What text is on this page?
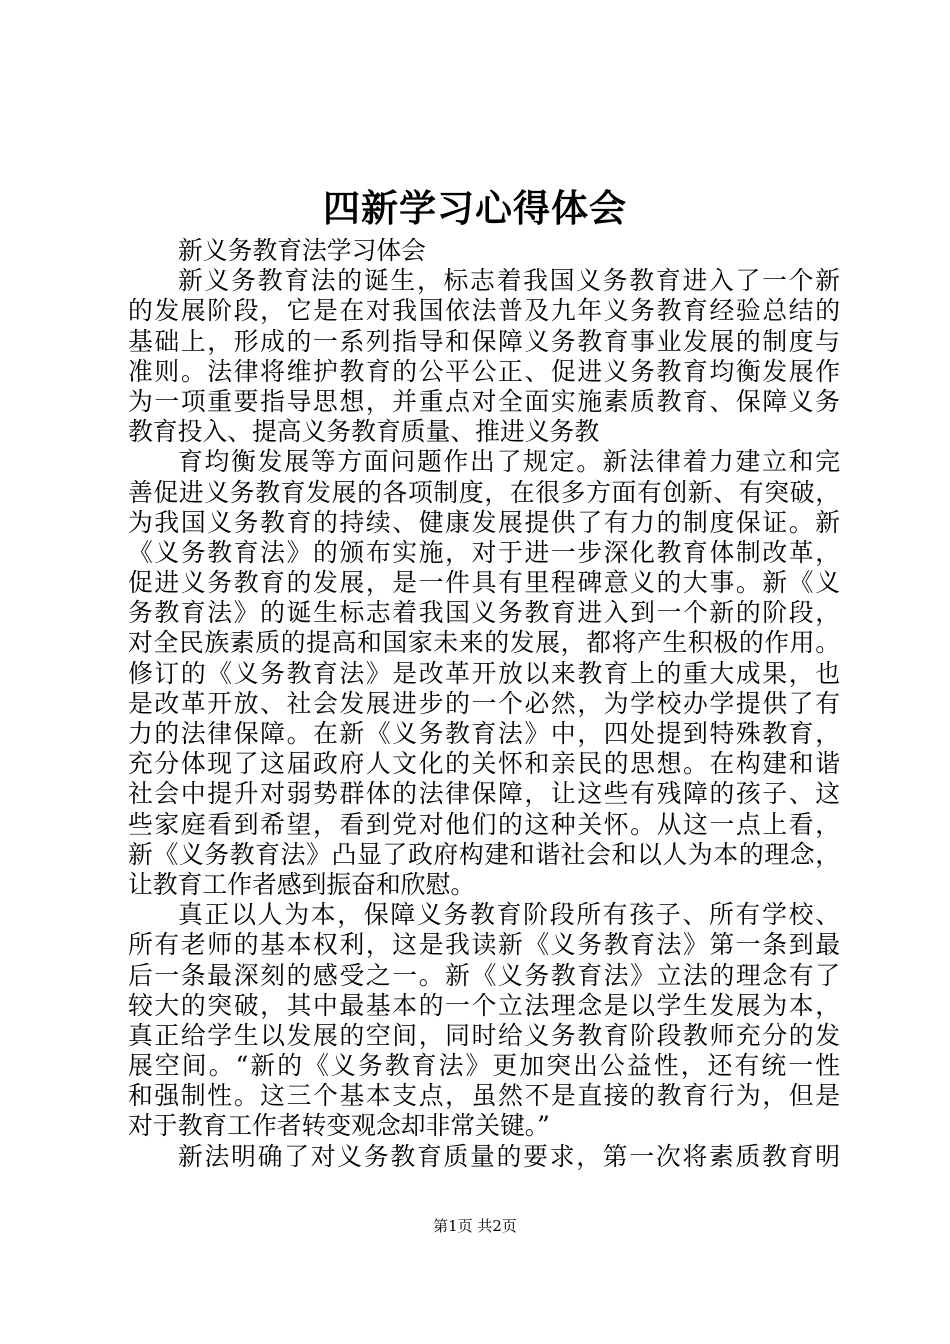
四新学习心得体会
新义务教育法学习体会
新义务教育法的诞生，标志着我国义务教育进入了一个新
的发展阶段，它是在对我国依法普及九年义务教育经验总结的
基础上，形成的一系列指导和保障义务教育事业发展的制度与
准则。法律将维护教育的公平公正、促进义务教育均衡发展作
为一项重要指导思想，并重点对全面实施素质教育、保障义务
教育投入、提高义务教育质量、推进义务教
育均衡发展等方面问题作出了规定。新法律着力建立和完
善促进义务教育发展的各项制度，在很多方面有创新、有突破，
为我国义务教育的持续、健康发展提供了有力的制度保证。新
《义务教育法》的颁布实施，对于进一步深化教育体制改革，
促进义务教育的发展，是一件具有里程碑意义的大事。新《义
务教育法》的诞生标志着我国义务教育进入到一个新的阶段，
对全民族素质的提高和国家未来的发展，都将产生积极的作用。
修订的《义务教育法》是改革开放以来教育上的重大成果，也
是改革开放、社会发展进步的一个必然，为学校办学提供了有
力的法律保障。在新《义务教育法》中，四处提到特殊教育，
充分体现了这届政府人文化的关怀和亲民的思想。在构建和谐
社会中提升对弱势群体的法律保障，让这些有残障的孩子、这
些家庭看到希望，看到党对他们的这种关怀。从这一点上看，
新《义务教育法》凸显了政府构建和谐社会和以人为本的理念，
让教育工作者感到振奋和欣慰。
真正以人为本，保障义务教育阶段所有孩子、所有学校、
所有老师的基本权利，这是我读新《义务教育法》第一条到最
后一条最深刻的感受之一。新《义务教育法》立法的理念有了
较大的突破，其中最基本的一个立法理念是以学生发展为本，
真正给学生以发展的空间，同时给义务教育阶段教师充分的发
展空间。“新的《义务教育法》更加突出公益性，还有统一性
和强制性。这三个基本支点，虽然不是直接的教育行为，但是
对于教育工作者转变观念却非常关键。”
新法明确了对义务教育质量的要求，第一次将素质教育明
第1页 共2页
